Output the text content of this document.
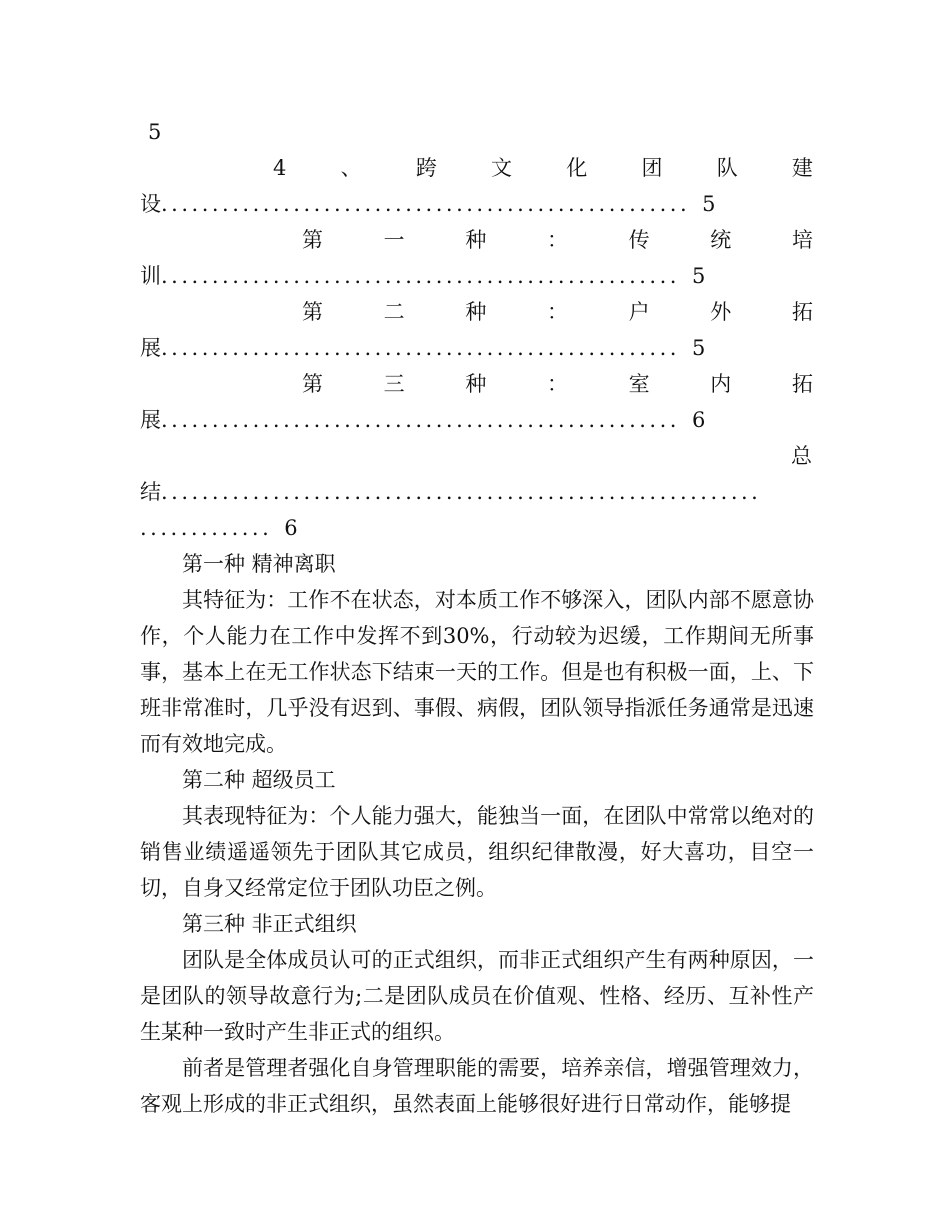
5
4	、	跨	文	化	团	队	建
设 .................................................... 5
第	一	种	：	传	统	培
训 ................................................... 5
第	二	种	：	户	外	拓
展 ................................................... 5
第	三	种	：	室	内	拓
展 ................................................... 6
总
结 ...........................................................
............. 6
第一种 精神离职
其特征为：工作不在状态，对本质工作不够深入，团队内部不愿意协作，个人能力在工作中发挥不到30%，行动较为迟缓，工作期间无所事事，基本上在无工作状态下结束一天的工作。但是也有积极一面，上、下班非常准时，几乎没有迟到、事假、病假，团队领导指派任务通常是迅速而有效地完成。
第二种 超级员工
其表现特征为：个人能力强大，能独当一面，在团队中常常以绝对的销售业绩遥遥领先于团队其它成员，组织纪律散漫，好大喜功，目空一切，自身又经常定位于团队功臣之例。
第三种 非正式组织
团队是全体成员认可的正式组织，而非正式组织产生有两种原因，一是团队的领导故意行为;二是团队成员在价值观、性格、经历、互补性产生某种一致时产生非正式的组织。
前者是管理者强化自身管理职能的需要，培养亲信，增强管理效力，客观上形成的非正式组织，虽然表面上能够很好进行日常动作，能够提
